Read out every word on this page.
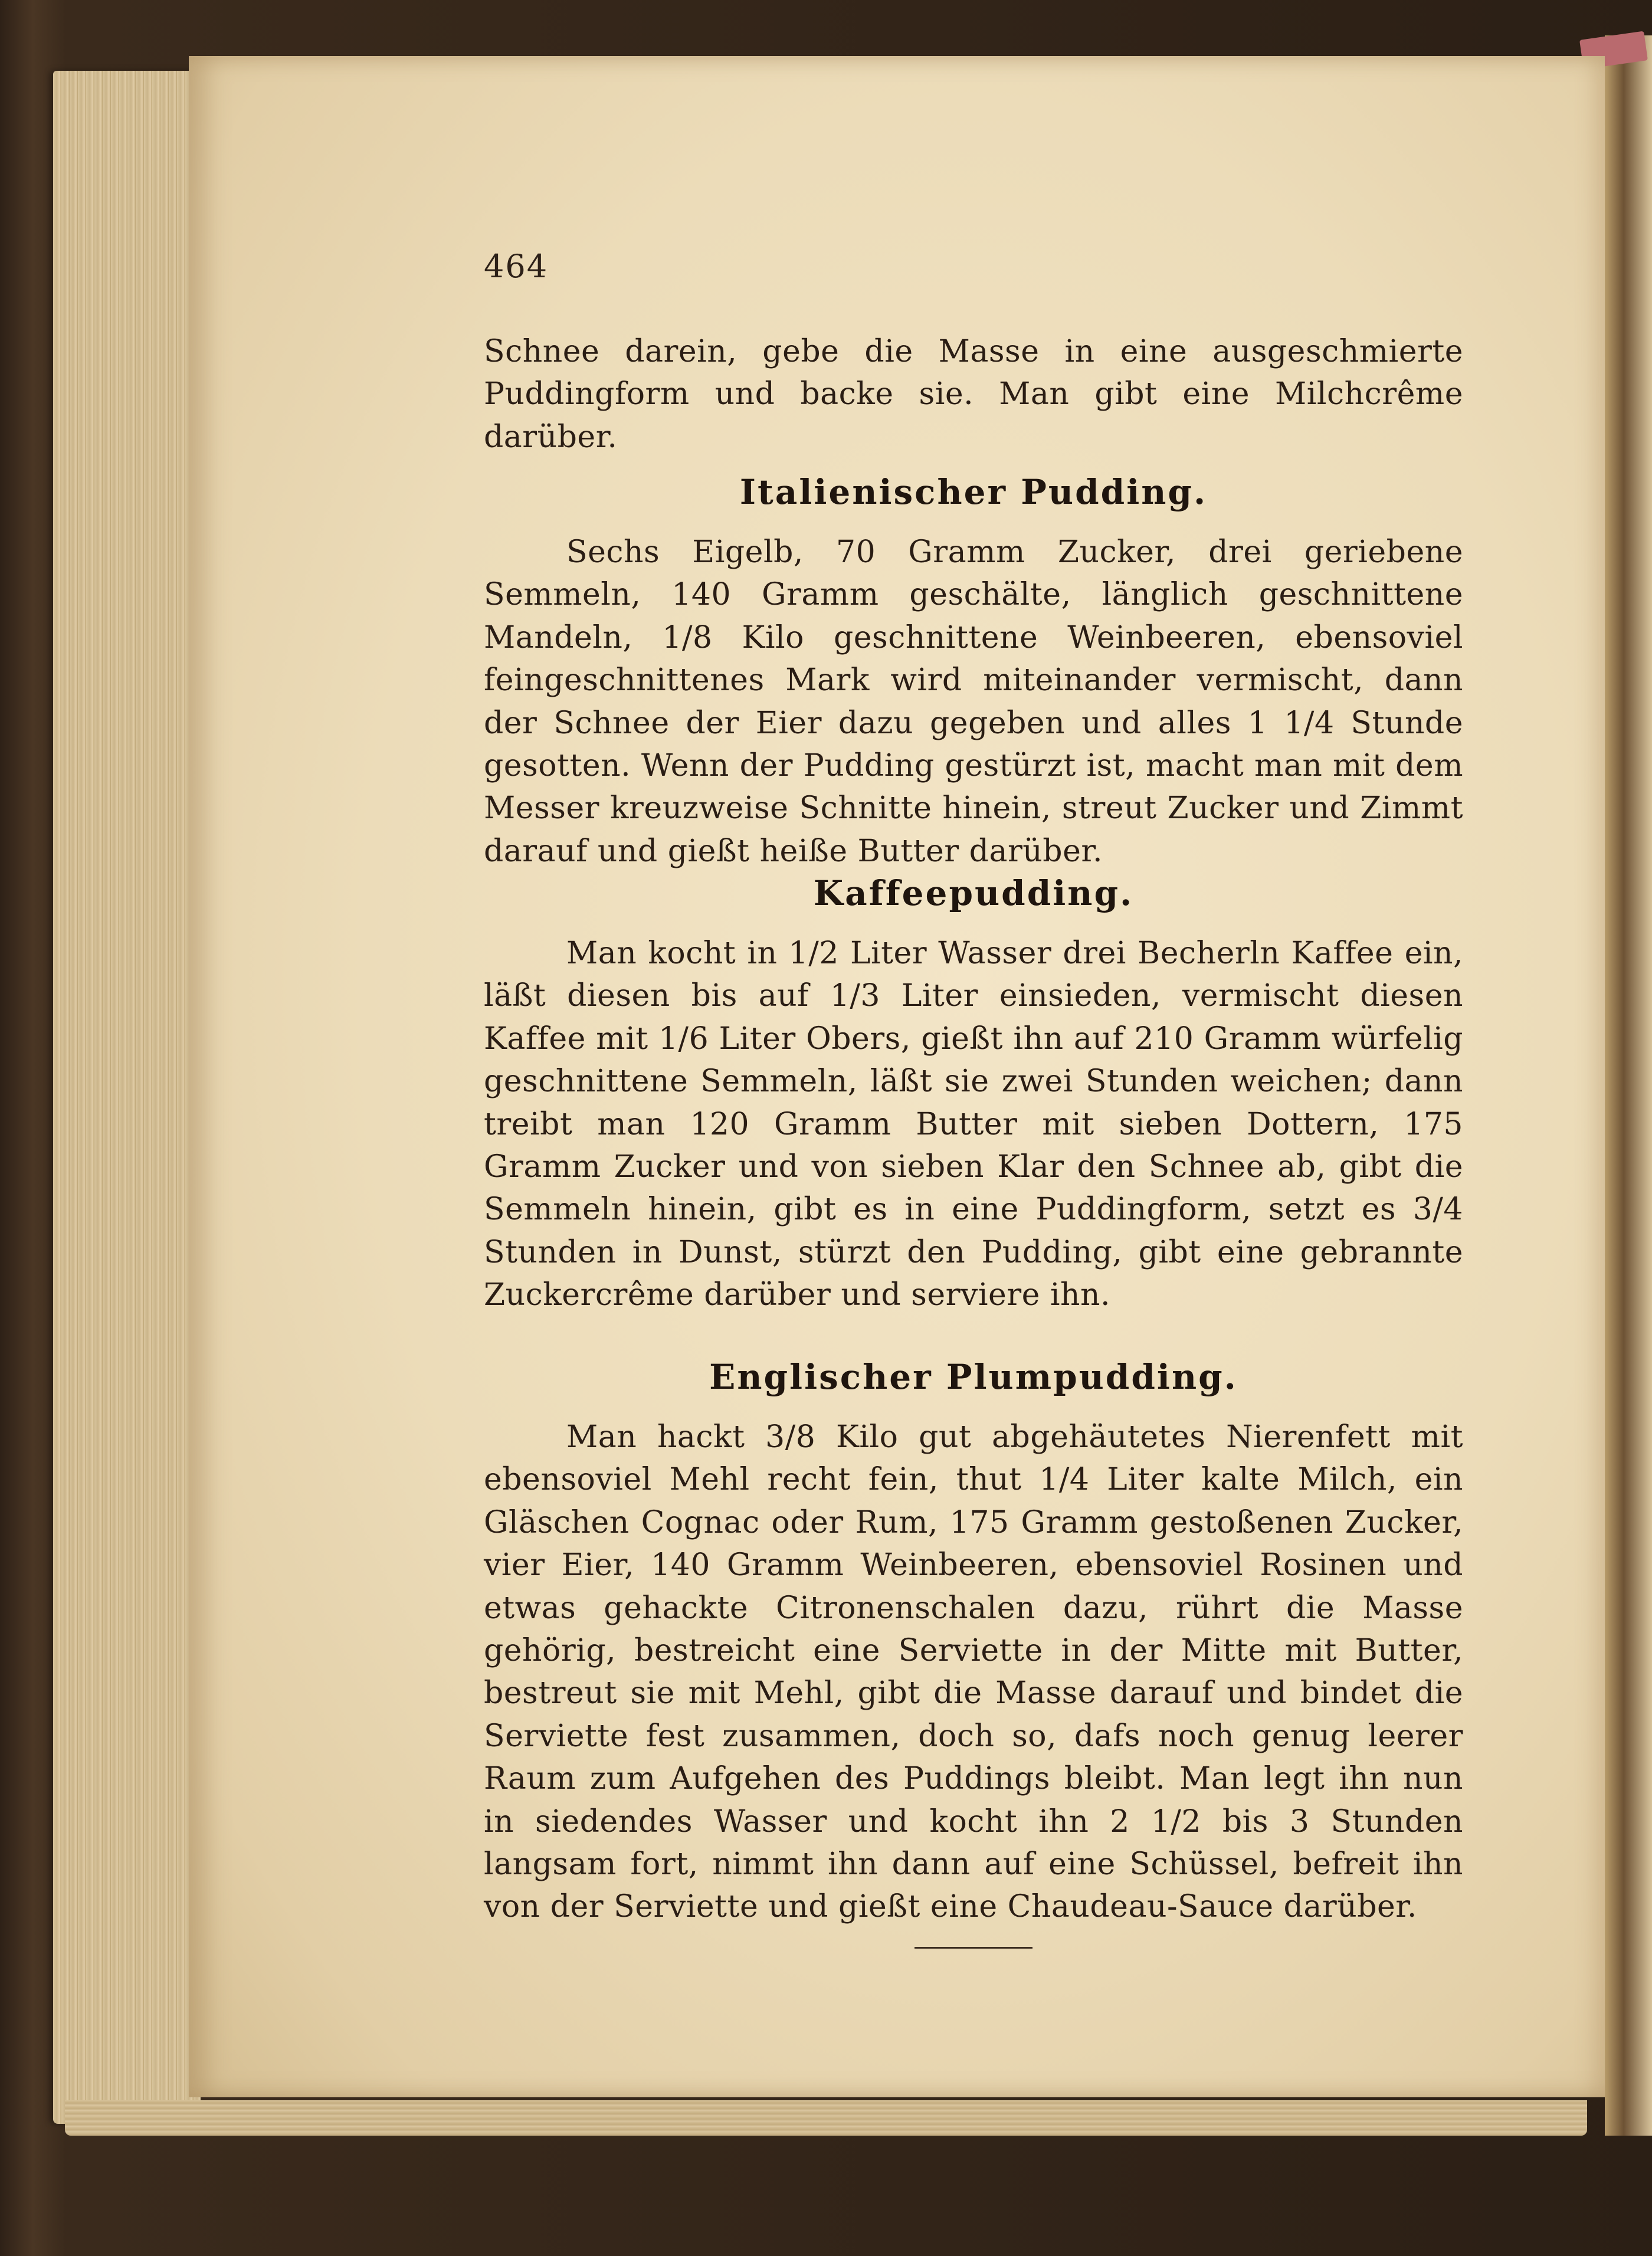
464

Schnee darein, gebe die Masse in eine ausgeschmierte Puddingform und backe sie. Man gibt eine Milchcrême darüber.

Italienischer Pudding.

Sechs Eigelb, 70 Gramm Zucker, drei geriebene Semmeln, 140 Gramm geschälte, länglich geschnittene Mandeln, 1/8 Kilo geschnittene Weinbeeren, ebensoviel feingeschnittenes Mark wird miteinander vermischt, dann der Schnee der Eier dazu gegeben und alles 1 1/4 Stunde gesotten. Wenn der Pudding gestürzt ist, macht man mit dem Messer kreuzweise Schnitte hinein, streut Zucker und Zimmt darauf und gießt heiße Butter darüber.

Kaffeepudding.

Man kocht in 1/2 Liter Wasser drei Becherln Kaffee ein, läßt diesen bis auf 1/3 Liter einsieden, vermischt diesen Kaffee mit 1/6 Liter Obers, gießt ihn auf 210 Gramm würfelig geschnittene Semmeln, läßt sie zwei Stunden weichen; dann treibt man 120 Gramm Butter mit sieben Dottern, 175 Gramm Zucker und von sieben Klar den Schnee ab, gibt die Semmeln hinein, gibt es in eine Puddingform, setzt es 3/4 Stunden in Dunst, stürzt den Pudding, gibt eine gebrannte Zuckercrême darüber und serviere ihn.

Englischer Plumpudding.

Man hackt 3/8 Kilo gut abgehäutetes Nierenfett mit ebensoviel Mehl recht fein, thut 1/4 Liter kalte Milch, ein Gläschen Cognac oder Rum, 175 Gramm gestoßenen Zucker, vier Eier, 140 Gramm Weinbeeren, ebensoviel Rosinen und etwas gehackte Citronenschalen dazu, rührt die Masse gehörig, bestreicht eine Serviette in der Mitte mit Butter, bestreut sie mit Mehl, gibt die Masse darauf und bindet die Serviette fest zusammen, doch so, dafs noch genug leerer Raum zum Aufgehen des Puddings bleibt. Man legt ihn nun in siedendes Wasser und kocht ihn 2 1/2 bis 3 Stunden langsam fort, nimmt ihn dann auf eine Schüssel, befreit ihn von der Serviette und gießt eine Chaudeau-Sauce darüber.
